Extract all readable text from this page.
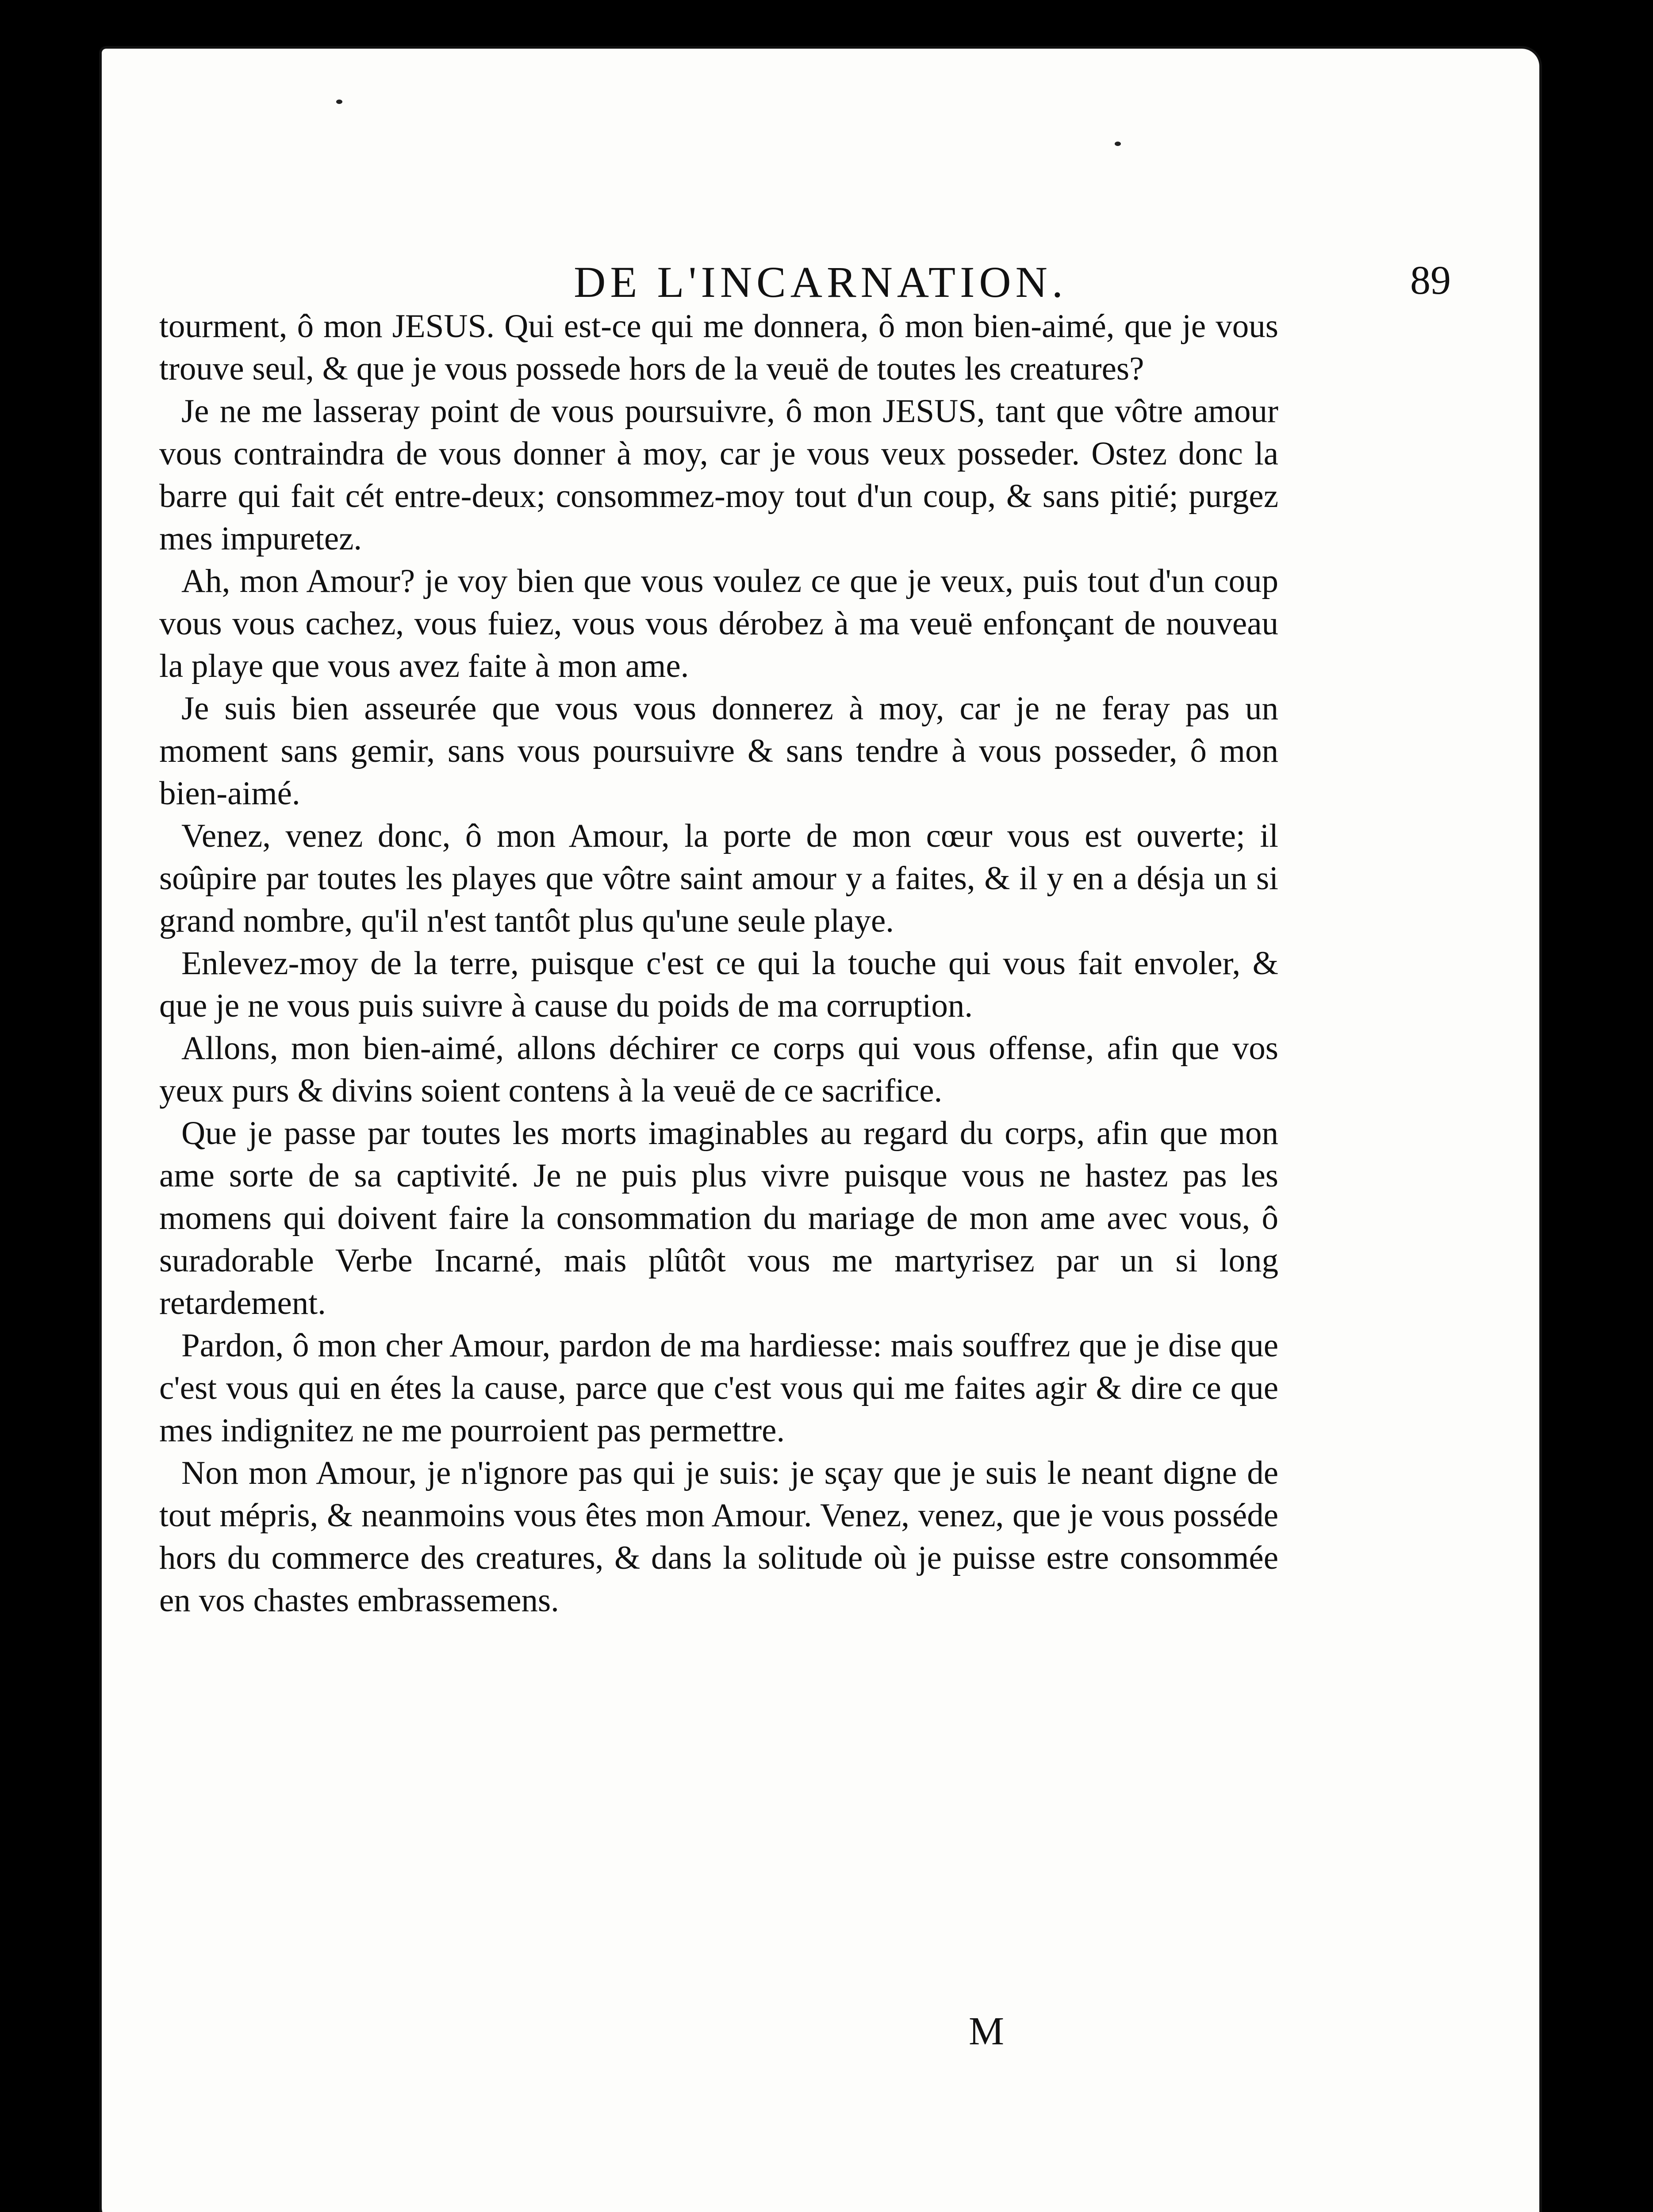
DE L'INCARNATION.	89

tourment, ô mon JESUS. Qui est-ce qui me donnera, ô mon bien-aimé, que je vous trouve seul, & que je vous possede hors de la veuë de toutes les creatures?

Je ne me lasseray point de vous poursuivre, ô mon JESUS, tant que vôtre amour vous contraindra de vous donner à moy, car je vous veux posseder. Ostez donc la barre qui fait cét entre-deux; consommez-moy tout d'un coup, & sans pitié; purgez mes impuretez.

Ah, mon Amour? je voy bien que vous voulez ce que je veux, puis tout d'un coup vous vous cachez, vous fuiez, vous vous dérobez à ma veuë enfonçant de nouveau la playe que vous avez faite à mon ame.

Je suis bien asseurée que vous vous donnerez à moy, car je ne feray pas un moment sans gemir, sans vous poursuivre & sans tendre à vous posseder, ô mon bien-aimé.

Venez, venez donc, ô mon Amour, la porte de mon cœur vous est ouverte; il soûpire par toutes les playes que vôtre saint amour y a faites, & il y en a désja un si grand nombre, qu'il n'est tantôt plus qu'une seule playe.

Enlevez-moy de la terre, puisque c'est ce qui la touche qui vous fait envoler, & que je ne vous puis suivre à cause du poids de ma corruption.

Allons, mon bien-aimé, allons déchirer ce corps qui vous offense, afin que vos yeux purs & divins soient contens à la veuë de ce sacrifice.

Que je passe par toutes les morts imaginables au regard du corps, afin que mon ame sorte de sa captivité. Je ne puis plus vivre puisque vous ne hastez pas les momens qui doivent faire la consommation du mariage de mon ame avec vous, ô suradorable Verbe Incarné, mais plûtôt vous me martyrisez par un si long retardement.

Pardon, ô mon cher Amour, pardon de ma hardiesse: mais souffrez que je dise que c'est vous qui en étes la cause, parce que c'est vous qui me faites agir & dire ce que mes indignitez ne me pourroient pas permettre.

Non mon Amour, je n'ignore pas qui je suis: je sçay que je suis le neant digne de tout mépris, & neanmoins vous êtes mon Amour. Venez, venez, que je vous posséde hors du commerce des creatures, & dans la solitude où je puisse estre consommée en vos chastes embrassemens.

M
